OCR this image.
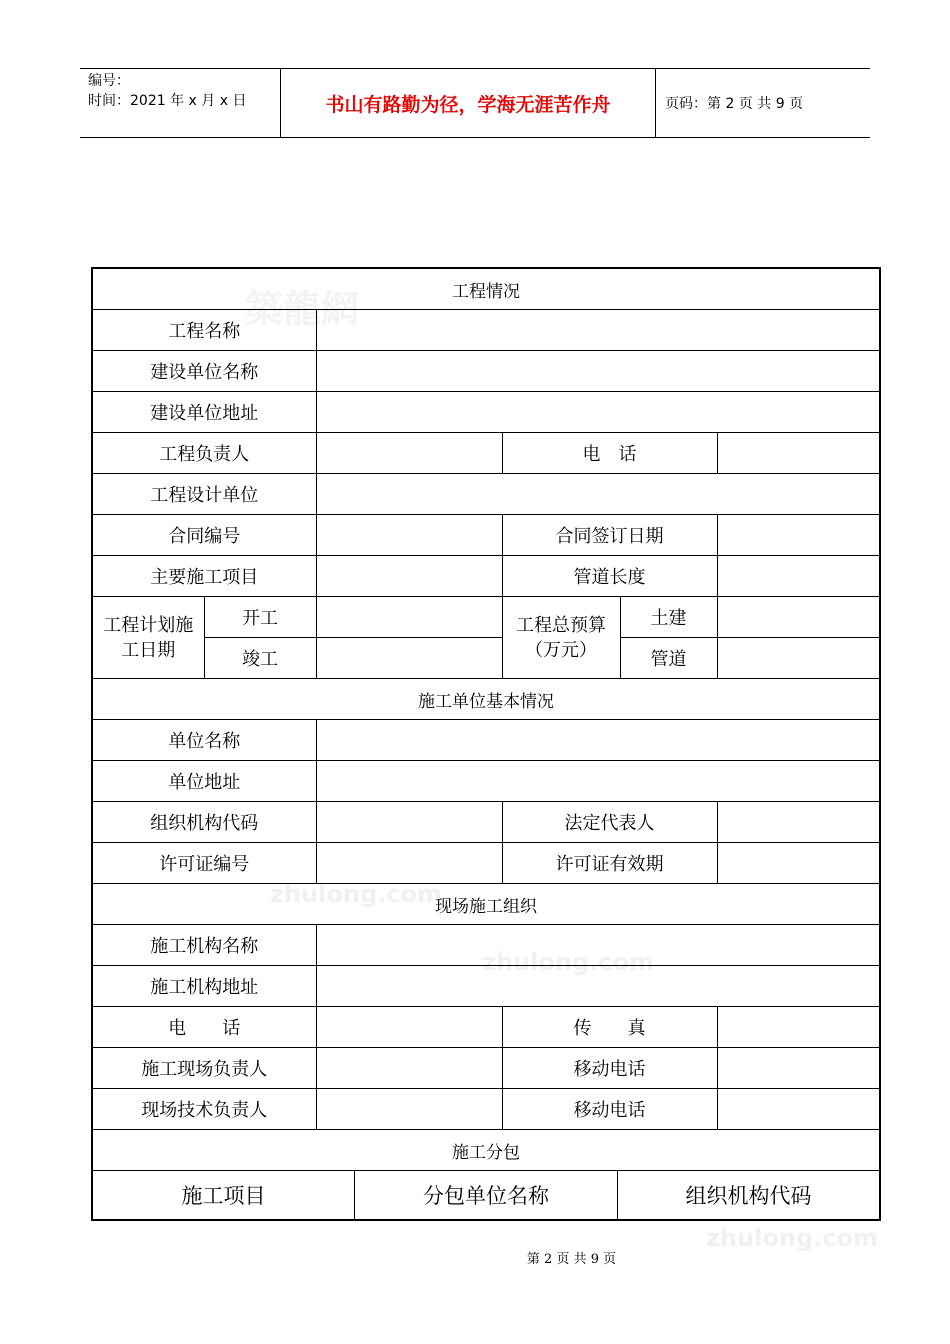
编号：
时间：2021 年 x 月 x 日	书山有路勤为径，学海无涯苦作舟	页码：第 2 页 共 9 页
築龍網
zhulong.com
zhulong.com
zhulong.com
工程情况					
工程名称					
建设单位名称					
建设单位地址					
工程负责人			电　话		
工程设计单位					
合同编号			合同签订日期		
主要施工项目			管道长度		
工程计划施工日期	开工		工程总预算（万元）	土建	
	竣工			管道	
施工单位基本情况					
单位名称					
单位地址					
组织机构代码			法定代表人		
许可证编号			许可证有效期		
现场施工组织					
施工机构名称					
施工机构地址					
电　　话			传　　真		
施工现场负责人			移动电话		
现场技术负责人			移动电话		
施工分包					

施工项目 分包单位名称 组织机构代码					
第 2 页 共 9 页
